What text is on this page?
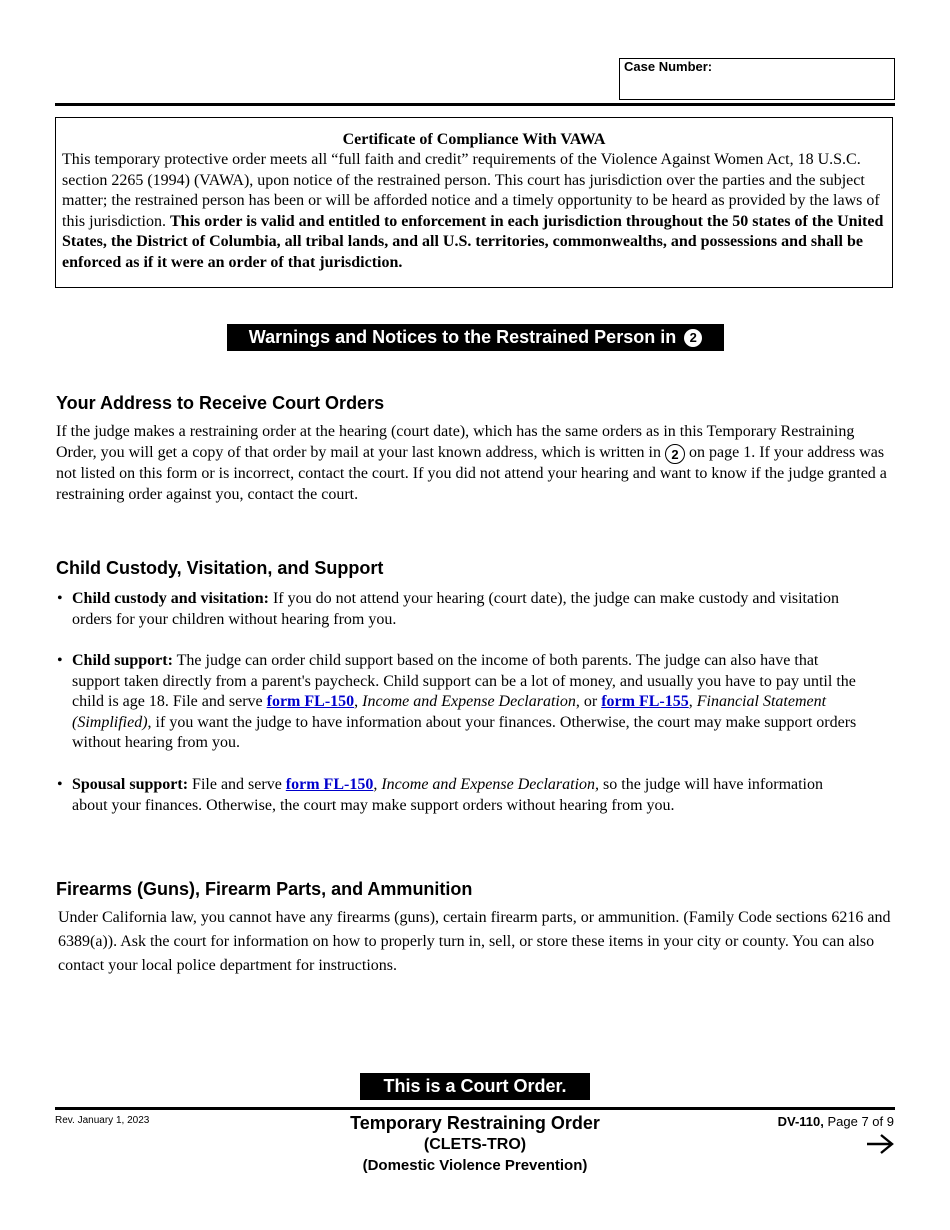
Case Number:
Certificate of Compliance With VAWA
This temporary protective order meets all “full faith and credit” requirements of the Violence Against Women Act, 18 U.S.C. section 2265 (1994) (VAWA), upon notice of the restrained person. This court has jurisdiction over the parties and the subject matter; the restrained person has been or will be afforded notice and a timely opportunity to be heard as provided by the laws of this jurisdiction. This order is valid and entitled to enforcement in each jurisdiction throughout the 50 states of the United States, the District of Columbia, all tribal lands, and all U.S. territories, commonwealths, and possessions and shall be enforced as if it were an order of that jurisdiction.
Warnings and Notices to the Restrained Person in	2
Your Address to Receive Court Orders
If the judge makes a restraining order at the hearing (court date), which has the same orders as in this Temporary Restraining Order, you will get a copy of that order by mail at your last known address, which is written in 2 on page 1. If your address was not listed on this form or is incorrect, contact the court. If you did not attend your hearing and want to know if the judge granted a restraining order against you, contact the court.
Child Custody, Visitation, and Support
• Child custody and visitation: If you do not attend your hearing (court date), the judge can make custody and visitation orders for your children without hearing from you.
• Child support: The judge can order child support based on the income of both parents. The judge can also have that support taken directly from a parent's paycheck. Child support can be a lot of money, and usually you have to pay until the child is age 18. File and serve form FL-150, Income and Expense Declaration, or form FL-155, Financial Statement (Simplified), if you want the judge to have information about your finances. Otherwise, the court may make support orders without hearing from you.
• Spousal support: File and serve form FL-150, Income and Expense Declaration, so the judge will have information about your finances. Otherwise, the court may make support orders without hearing from you.
Firearms (Guns), Firearm Parts, and Ammunition
Under California law, you cannot have any firearms (guns), certain firearm parts, or ammunition. (Family Code sections 6216 and 6389(a)). Ask the court for information on how to properly turn in, sell, or store these items in your city or county. You can also contact your local police department for instructions.
This is a Court Order.
Rev. January 1, 2023	Temporary Restraining Order
(CLETS-TRO)
(Domestic Violence Prevention)
DV-110, Page 7 of 9
